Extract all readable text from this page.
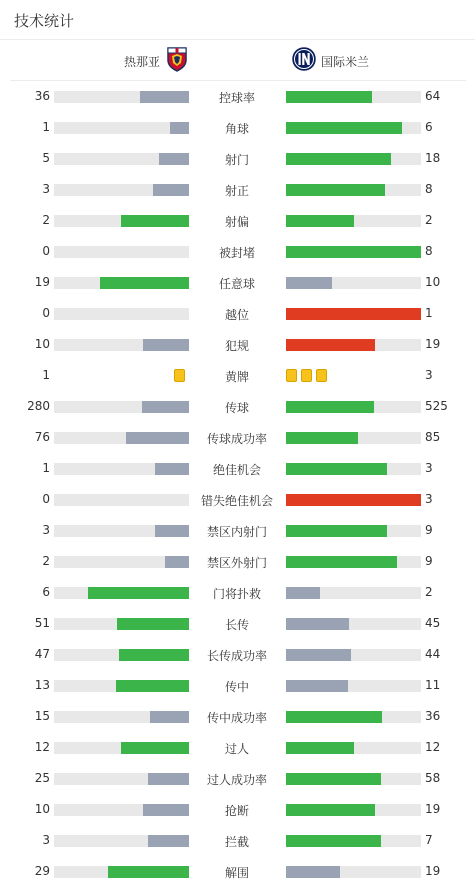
技术统计
热那亚	国际米兰
36	控球率	64
1	角球	6
5	射门	18
3	射正	8
2	射偏	2
0	被封堵	8
19	任意球	10
0	越位	1
10	犯规	19
1	黄牌	3
280	传球	525
76	传球成功率	85
1	绝佳机会	3
0	错失绝佳机会	3
3	禁区内射门	9
2	禁区外射门	9
6	门将扑救	2
51	长传	45
47	长传成功率	44
13	传中	11
15	传中成功率	36
12	过人	12
25	过人成功率	58
10	抢断	19
3	拦截	7
29	解围	19
